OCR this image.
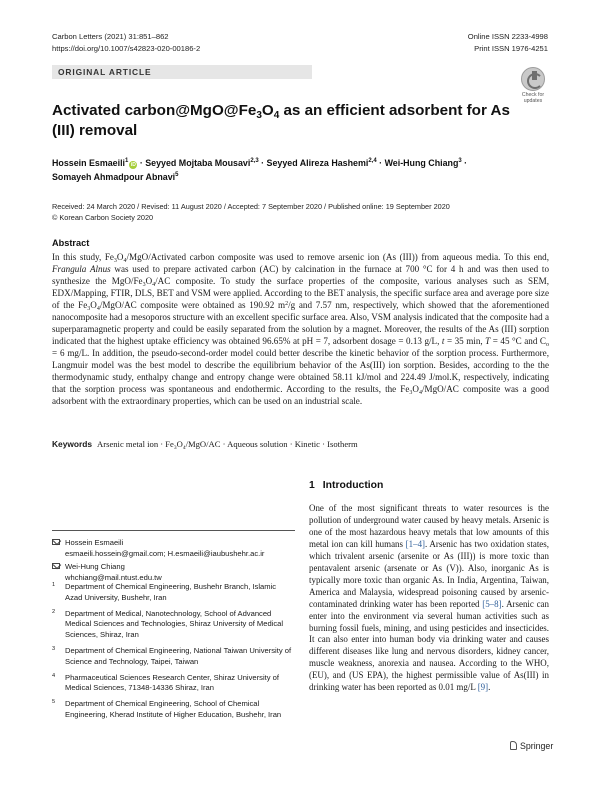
Carbon Letters (2021) 31:851–862
https://doi.org/10.1007/s42823-020-00186-2
Online ISSN 2233-4998
Print ISSN 1976-4251
ORIGINAL ARTICLE
Check for
updates
Activated $carbon@MgO@Fe_3O_4$ as an efficient adsorbent for As (III) removal
Hossein Esmaeili$^1$iD · Seyyed Mojtaba Mousavi$^{2,3}$ · Seyyed Alireza Hashemi$^{2,4}$ · Wei-Hung Chiang$^3$ ·
Somayeh Ahmadpour Abnavi$^5$
Received: 24 March 2020 / Revised: 11 August 2020 / Accepted: 7 September 2020 / Published online: 19 September 2020
© Korean Carbon Society 2020
Abstract

In this study, $Fe_3O_4/MgO$/Activated carbon composite was used to remove arsenic ion (As (III)) from aqueous media. To this end, Frangula Alnus was used to prepare activated carbon (AC) by calcination in the furnace at 700 °C for 4 h and was then used to synthesize the MgO/$Fe_3O_4/AC$ composite. To study the surface properties of the composite, various analyses such as SEM, EDX/Mapping, FTIR, DLS, BET and VSM were applied. According to the BET analysis, the specific surface area and average pore size of the $Fe_3O_4/MgO/AC$ composite were obtained as 190.92 $m^2/g$ and 7.57 nm, respectively, which showed that the aforementioned nanocomposite had a mesoporos structure with an excellent specific surface area. Also, VSM analysis indicated that the composite had a superparamagnetic property and could be easily separated from the solution by a magnet. Moreover, the results of the As (III) sorption indicated that the highest uptake efficiency was obtained 96.65% at pH = 7, adsorbent dosage = 0.13 g/L, t = 35 min, T = 45 °C and $C_o = 6$ mg/L. In addition, the pseudo-second-order model could better describe the kinetic behavior of the sorption process. Furthermore, Langmuir model was the best model to describe the equilibrium behavior of the As(III) ion sorption. Besides, according to the the thermodynamic study, enthalpy change and entropy change were obtained 58.11 kJ/mol and 224.49 J/mol.K, respectively, indicating that the sorption process was spontaneous and endothermic. According to the results, the $Fe_3O_4/MgO/AC$ composite was a good adsorbent with the extraordinary properties, which can be used on an industrial scale.

Keywords Arsenic metal ion · $Fe_3O_4/MgO/AC$ · Aqueous solution · Kinetic · Isotherm
1 Introduction

One of the most significant threats to water resources is the pollution of underground water caused by heavy metals. Arsenic is one of the most hazardous heavy metals that low amounts of this metal ion can kill humans [1–4]. Arsenic has two oxidation states, which trivalent arsenic (arsenite or As (III)) is more toxic than pentavalent arsenic (arsenate or As (V)). Also, inorganic As is typically more toxic than organic As. In India, Argentina, Taiwan, America and Malaysia, widespread poisoning caused by arsenic-contaminated drinking water has been reported [5–8]. Arsenic can enter into the environment via several human activities such as burning fossil fuels, mining, and using pesticides and insecticides. It can also enter into human body via drinking water and causes different diseases like lung and nervous disorders, kidney cancer, muscle weakness, anorexia and nausea. According to the WHO, (EU), and (US EPA), the highest permissible value of As(III) in drinking water has been reported as 0.01 mg/L [9].

Hossein Esmaeili
esmaeili.hossein@gmail.com; H.esmaeili@iaubushehr.ac.ir
Wei-Hung Chiang
whchiang@mail.ntust.edu.tw
1 Department of Chemical Engineering, Bushehr Branch, Islamic Azad University, Bushehr, Iran
2 Department of Medical, Nanotechnology, School of Advanced Medical Sciences and Technologies, Shiraz University of Medical Sciences, Shiraz, Iran
3 Department of Chemical Engineering, National Taiwan University of Science and Technology, Taipei, Taiwan
4 Pharmaceutical Sciences Research Center, Shiraz University of Medical Sciences, 71348-14336 Shiraz, Iran
5 Department of Chemical Engineering, School of Chemical Engineering, Kherad Institute of Higher Education, Bushehr, Iran
Springer
